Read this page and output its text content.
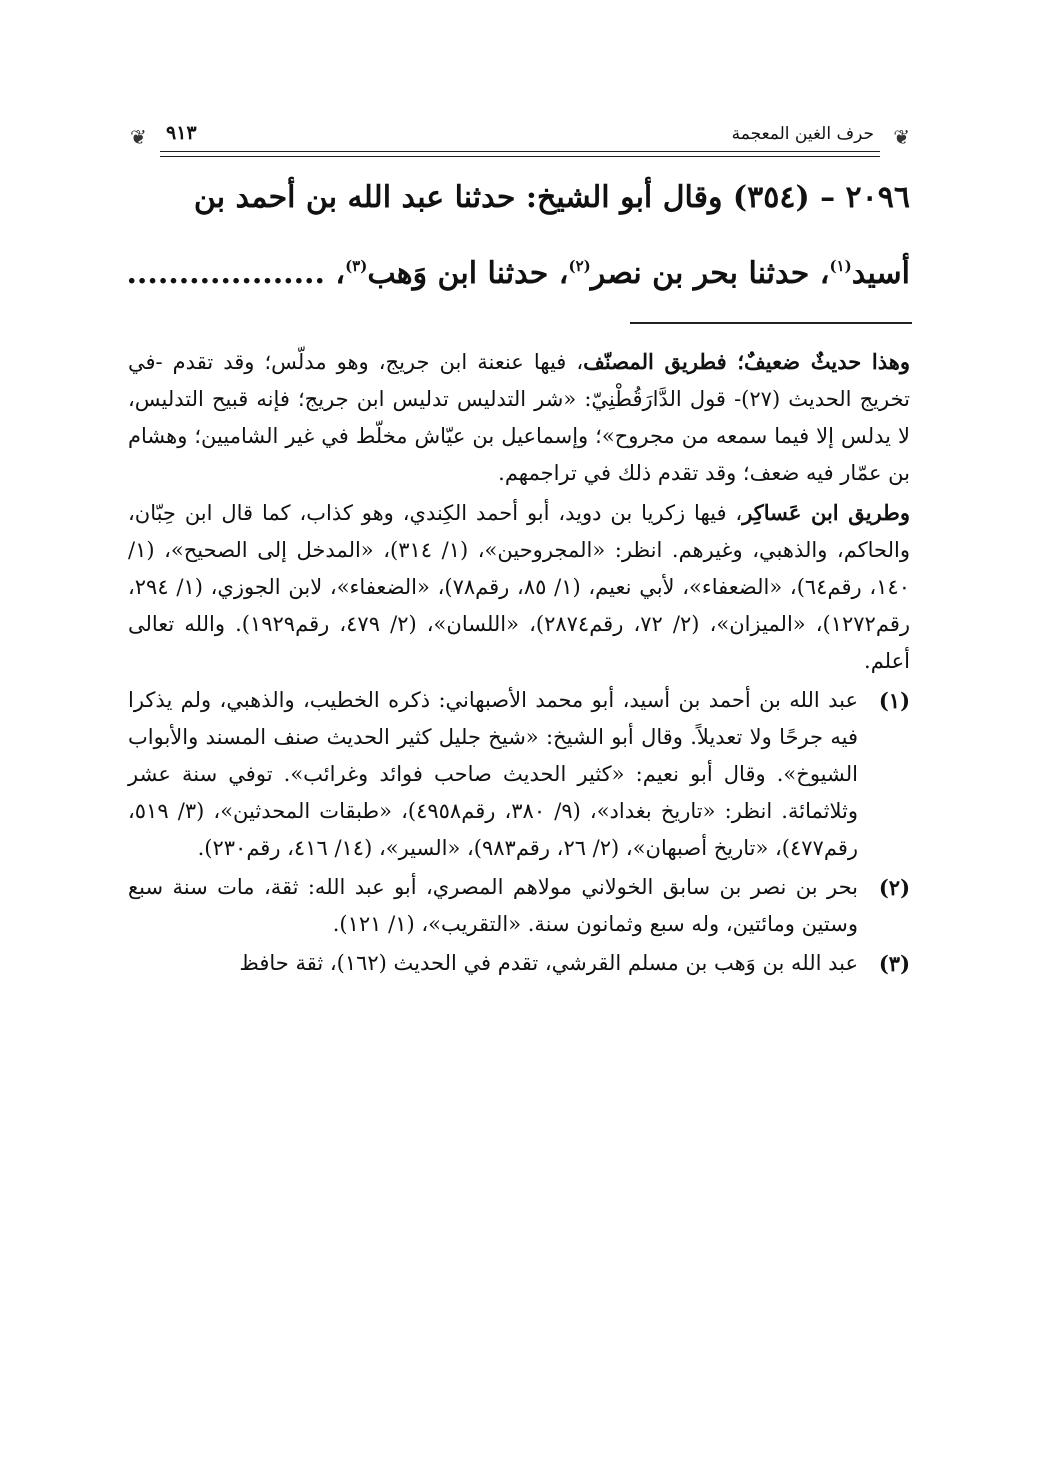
❦
حرف الغين المعجمة
٩١٣
❦

٢٠٩٦ – (٣٥٤) وقال أبو الشيخ: حدثنا عبد الله بن أحمد بن

أسيد$^{(١)}$، حدثنا بحر بن نصر$^{(٢)}$، حدثنا ابن وَهب$^{(٣)}$، ...................

وهذا حديثٌ ضعيفٌ؛ فطريق المصنّف، فيها عنعنة ابن جريج، وهو مدلّس؛ وقد تقدم -في تخريج الحديث (٢٧)- قول الدَّارَقُطْنِيّ: «شر التدليس تدليس ابن جريج؛ فإنه قبيح التدليس، لا يدلس إلا فيما سمعه من مجروح»؛ وإسماعيل بن عيّاش مخلّط في غير الشاميين؛ وهشام بن عمّار فيه ضعف؛ وقد تقدم ذلك في تراجمهم.

وطريق ابن عَساكِر، فيها زكريا بن دويد، أبو أحمد الكِندي، وهو كذاب، كما قال ابن حِبّان، والحاكم، والذهبي، وغيرهم. انظر: «المجروحين»، (١/ ٣١٤)، «المدخل إلى الصحيح»، (١/ ١٤٠، رقم٦٤)، «الضعفاء»، لأبي نعيم، (١/ ٨٥، رقم٧٨)، «الضعفاء»، لابن الجوزي، (١/ ٢٩٤، رقم١٢٧٢)، «الميزان»، (٢/ ٧٢، رقم٢٨٧٤)، «اللسان»، (٢/ ٤٧٩، رقم١٩٢٩). والله تعالى أعلم.

(١)

عبد الله بن أحمد بن أسيد، أبو محمد الأصبهاني: ذكره الخطيب، والذهبي، ولم يذكرا فيه جرحًا ولا تعديلاً. وقال أبو الشيخ: «شيخ جليل كثير الحديث صنف المسند والأبواب الشيوخ». وقال أبو نعيم: «كثير الحديث صاحب فوائد وغرائب». توفي سنة عشر وثلاثمائة. انظر: «تاريخ بغداد»، (٩/ ٣٨٠، رقم٤٩٥٨)، «طبقات المحدثين»، (٣/ ٥١٩، رقم٤٧٧)، «تاريخ أصبهان»، (٢/ ٢٦، رقم٩٨٣)، «السير»، (١٤/ ٤١٦، رقم٢٣٠).

(٢)

بحر بن نصر بن سابق الخولاني مولاهم المصري، أبو عبد الله: ثقة، مات سنة سبع وستين ومائتين، وله سبع وثمانون سنة. «التقريب»، (١/ ١٢١).

(٣)

عبد الله بن وَهب بن مسلم القرشي، تقدم في الحديث (١٦٢)، ثقة حافظ
